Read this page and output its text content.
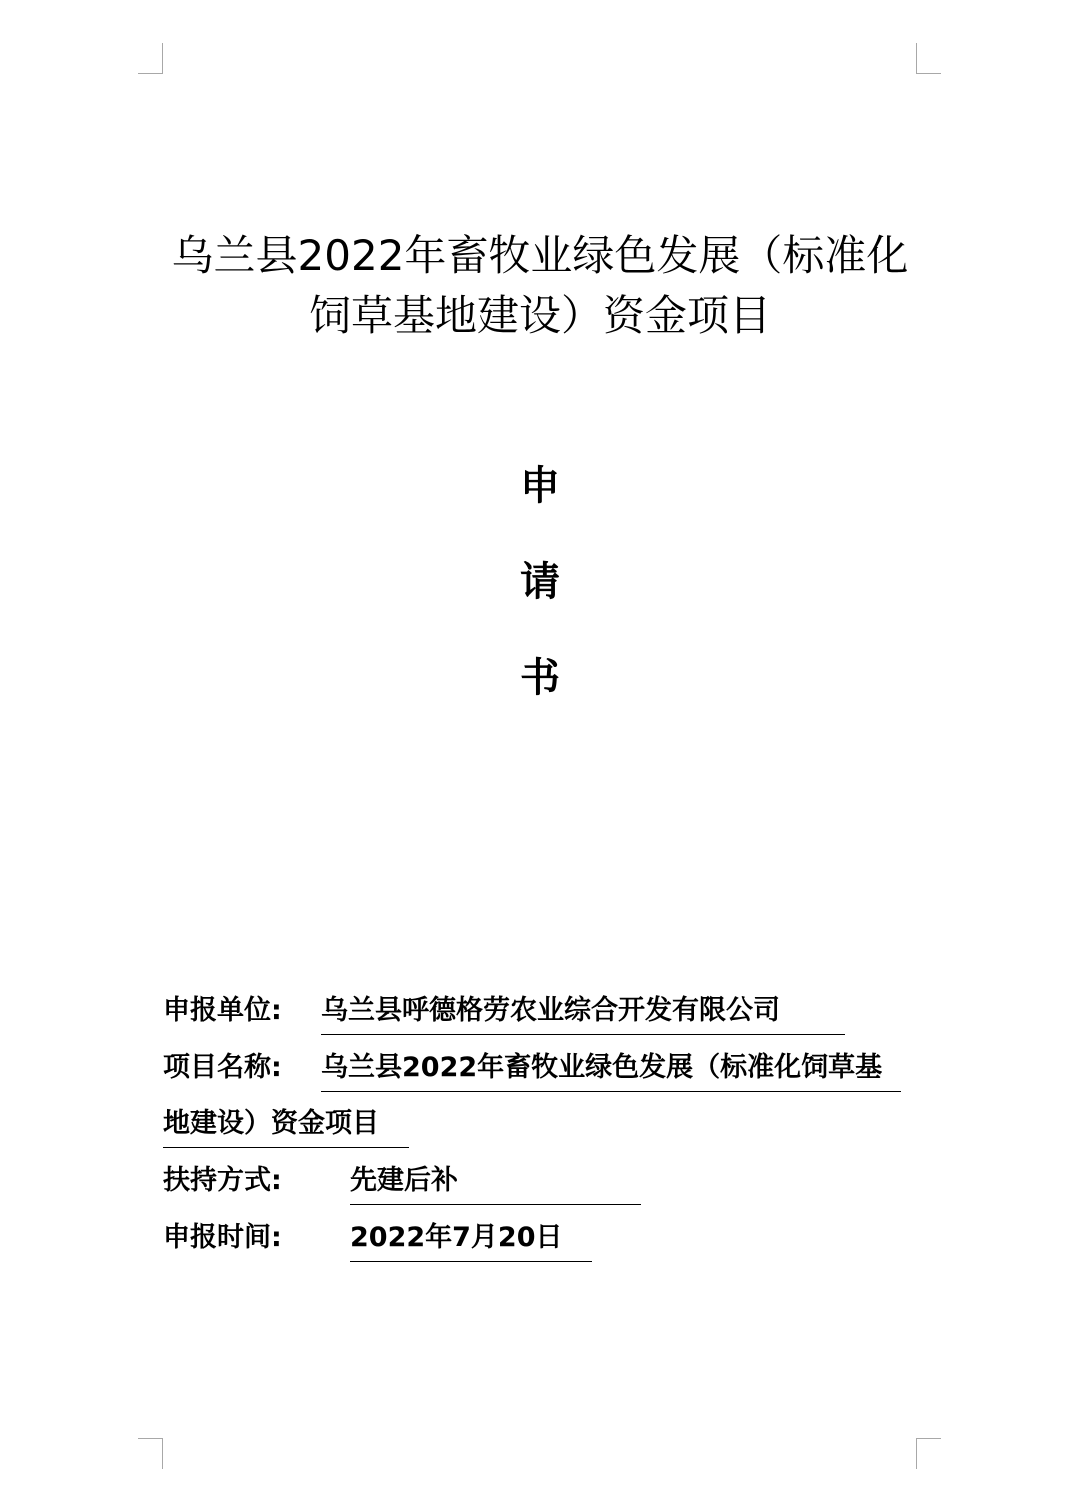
乌兰县2022年畜牧业绿色发展（标准化
饲草基地建设）资金项目
申
请
书
申报单位: 乌兰县呼德格劳农业综合开发有限公司
项目名称: 乌兰县2022年畜牧业绿色发展（标准化饲草基
地建设）资金项目
扶持方式:	先建后补
申报时间:	2022年7月20日
